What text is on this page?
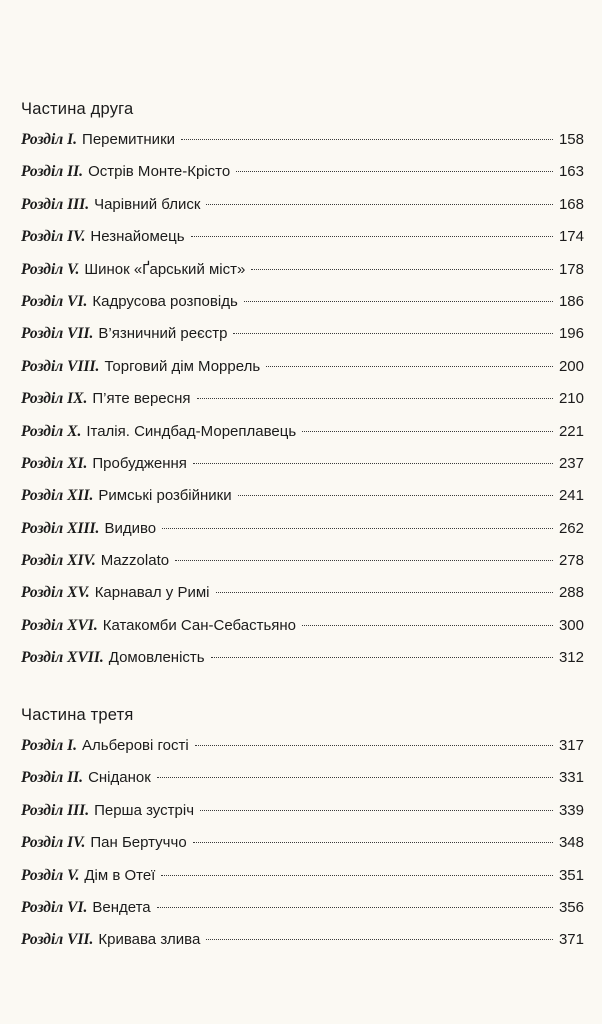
Частина друга
Розділ I. Перемитники	158
Розділ II. Острів Монте-Крісто	163
Розділ III. Чарівний блиск	168
Розділ IV. Незнайомець	174
Розділ V. Шинок «Ґарський міст»	178
Розділ VI. Кадрусова розповідь	186
Розділ VII. В’язничний реєстр	196
Розділ VIII. Торговий дім Моррель	200
Розділ IX. П’яте вересня	210
Розділ X. Італія. Синдбад-Мореплавець	221
Розділ XI. Пробудження	237
Розділ XII. Римські розбійники	241
Розділ XIII. Видиво	262
Розділ XIV. Mazzolato	278
Розділ XV. Карнавал у Римі	288
Розділ XVI. Катакомби Сан-Себастьяно	300
Розділ XVII. Домовленість	312
Частина третя
Розділ I. Альберові гості	317
Розділ II. Сніданок	331
Розділ III. Перша зустріч	339
Розділ IV. Пан Бертуччо	348
Розділ V. Дім в Отеї	351
Розділ VI. Вендета	356
Розділ VII. Кривава злива	371
